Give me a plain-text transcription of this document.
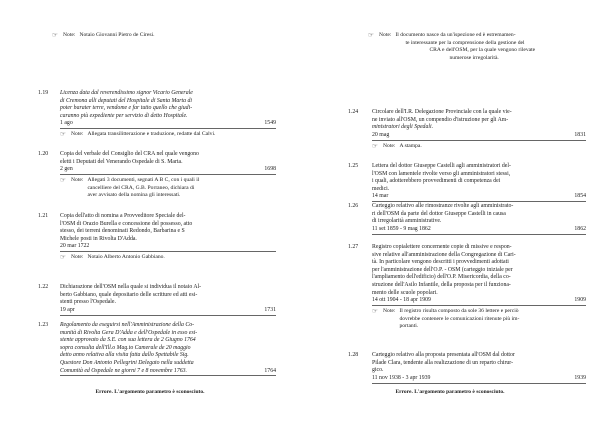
☞ Note: Notaio Giovanni Pietro de Ciresi.
1.19 Licenza data dal reverendissimo signor Vicario Generale
di Cremona alli deputati del Hospitale di Santa Marta di
poter barater terre, vendome e far tutto quello che giudi-
caranno più expediente per servizio di detto Hospitale.
1 ago	1549
☞ Note: Allegata transilitterazione e traduzione, redatte dal Calvi.
1.20 Copia del verbale del Consiglio del CRA nel quale vengono
eletti i Deputati del Venerando Ospedale di S. Marta.
2 gen	1698
☞ Note: Allegati 3 documenti, segnati A B C, con i quali il
cancelliere del CRA, G.B. Porraneo, dichiara di
aver avvisato della nomina gli interessati.
1.21 Copia dell'atto di nomina a Provveditore Speciale del-
l'OSM di Orazio Burella e concessione del possesso, atto
stesso, dei terreni denominati Redondo, Barbarina e S
Michele posti in Rivolta D'Adda.
20 mar 1722
☞ Note: Notaio Alberto Antonio Gabbiano.
1.22 Dichiarazione dell'OSM nella quale si individua il notaio Al-
berto Gabbiano, quale depositario delle scritture ed atti esi-
stenti presso l'Ospedale.
19 apr	1731
1.23 Regolamento da eseguirsi nell'Amministrazione della Co-
munità di Rivolta Gera D'Adda e dell'Ospedale in esso esi-
stente approvato da S.E. con sua lettera de 2 Giugno 1764
sopra consulta dell'Ill.o Mag.to Camerale de 20 maggio
detto anno relativa alla visita fatta dallo Spettabile Sig.
Questore Don Antonio Pellegrini Delegato nella suddetta
Comunità ed Ospedale ne giorni 7 e 8 novembre 1763.	1764
Errore. L'argomento parametro è sconosciuto.
☞ Note: Il documento nasce da un'ispezione ed è estremamen-
te interessante per la comprensione della gestione del
CRA e dell'OSM, per la quale vengono rilevate
numerose irregolarità.
1.24 Circolare dell'I.R. Delegazione Provinciale con la quale vie-
ne inviato all'OSM, un compendio d'istruzione per gli Am-
ministratori degli Spedali.
20 mag	1831
☞ Note: A stampa.
1.25 Lettera del dottor Giuseppe Castelli agli amministratori del-
l'OSM con lamentele rivolte verso gli amministratori stessi,
i quali, adotterebbero provvedimenti di competenza dei
medici.
14 mar	1854
1.26 Carteggio relativo alle rimostranze rivolte agli amministrato-
ri dell'OSM da parte del dottor Giuseppe Castelli in causa
di irregolarità amministrative.
11 set 1859 - 9 mag 1862	1862
1.27 Registro copialettere concernente copie di missive e respon-
sive relative all'amministrazione della Congregazione di Cari-
tà. In particolare vengono descritti i provvedimenti adottati
per l'amministrazione dell'O.P. - OSM (carteggio iniziale per
l'ampliamento dell'edificio) dell'O.P. Misericordia, della co-
struzione dell'Asilo Infantile, della proposta per il funziona-
mento delle scuole popolari.
14 ott 1904 - 18 apr 1909	1909
☞ Note: Il registro risulta composto da sole 36 lettere e perciò
dovrebbe contenere le comunicazioni ritenute più im-
portanti.
1.28 Carteggio relativo alla proposta presentata all'OSM dal dottor
Pilade Clara, tendente alla realizzazione di un reparto chirur-
gico.
11 nov 1938 - 3 apr 1939	1939
Errore. L'argomento parametro è sconosciuto.
